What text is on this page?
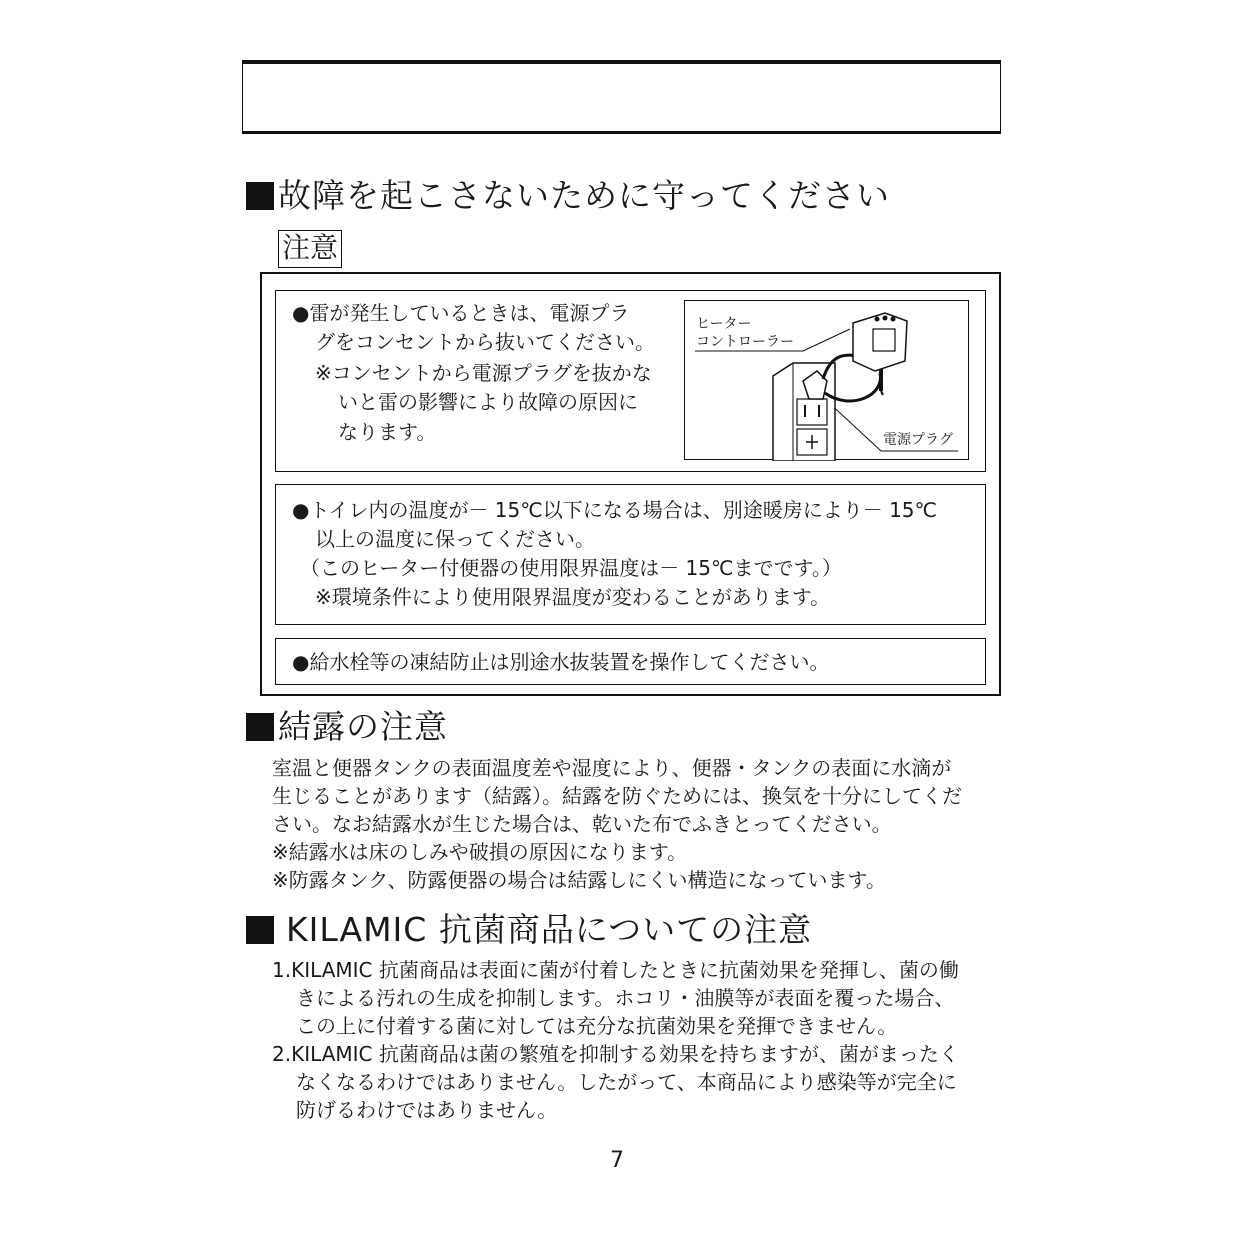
故障を起こさないために守ってください
注意
●雷が発生しているときは、電源プラ
グをコンセントから抜いてください。
※コンセントから電源プラグを抜かな
いと雷の影響により故障の原因に
なります。
ヒーター
コントローラー
電源プラグ
●トイレ内の温度が－ 15℃以下になる場合は、別途暖房により－ 15℃
以上の温度に保ってください。
（このヒーター付便器の使用限界温度は－ 15℃までです。）
※環境条件により使用限界温度が変わることがあります。
●給水栓等の凍結防止は別途水抜装置を操作してください。
結露の注意
室温と便器タンクの表面温度差や湿度により、便器・タンクの表面に水滴が
生じることがあります（結露）。結露を防ぐためには、換気を十分にしてくだ
さい。なお結露水が生じた場合は、乾いた布でふきとってください。
※結露水は床のしみや破損の原因になります。
※防露タンク、防露便器の場合は結露しにくい構造になっています。
KILAMIC 抗菌商品についての注意
1.KILAMIC 抗菌商品は表面に菌が付着したときに抗菌効果を発揮し、菌の働
きによる汚れの生成を抑制します。ホコリ・油膜等が表面を覆った場合、
この上に付着する菌に対しては充分な抗菌効果を発揮できません。
2.KILAMIC 抗菌商品は菌の繁殖を抑制する効果を持ちますが、菌がまったく
なくなるわけではありません。したがって、本商品により感染等が完全に
防げるわけではありません。
7
